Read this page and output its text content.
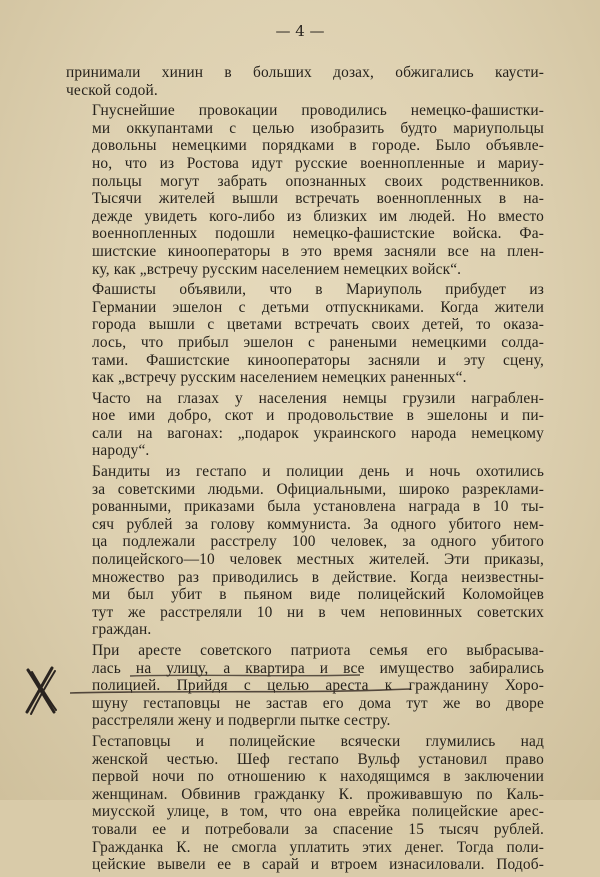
— 4 —

принимали хинин в больших дозах, обжигались каусти-
ческой содой.

Гнуснейшие провокации проводились немецко-фашистки-
ми оккупантами с целью изобразить будто мариупольцы
довольны немецкими порядками в городе. Было объявле-
но, что из Ростова идут русские военнопленные и мариу-
польцы могут забрать опознанных своих родственников.
Тысячи жителей вышли встречать военнопленных в на-
дежде увидеть кого-либо из близких им людей. Но вместо
военнопленных подошли немецко-фашистские войска. Фа-
шистские кинооператоры в это время засняли все на плен-
ку, как „встречу русским населением немецких войск“.

Фашисты объявили, что в Мариуполь прибудет из
Германии эшелон с детьми отпускниками. Когда жители
города вышли с цветами встречать своих детей, то оказа-
лось, что прибыл эшелон с ранеными немецкими солда-
тами. Фашистские кинооператоры засняли и эту сцену,
как „встречу русским населением немецких раненных“.

Часто на глазах у населения немцы грузили награблен-
ное ими добро, скот и продовольствие в эшелоны и пи-
сали на вагонах: „подарок украинского народа немецкому
народу“.

Бандиты из гестапо и полиции день и ночь охотились
за советскими людьми. Официальными, широко разреклами-
рованными, приказами была установлена награда в 10 ты-
сяч рублей за голову коммуниста. За одного убитого нем-
ца подлежали расстрелу 100 человек, за одного убитого
полицейского—10 человек местных жителей. Эти приказы,
множество раз приводились в действие. Когда неизвестны-
ми был убит в пьяном виде полицейский Коломойцев
тут же расстреляли 10 ни в чем неповинных советских
граждан.

При аресте советского патриота семья его выбрасыва-
лась на улицу, а квартира и все имущество забирались
полицией. Прийдя с целью ареста к гражданину Хоро-
шуну гестаповцы не застав его дома тут же во дворе
расстреляли жену и подвергли пытке сестру.

Гестаповцы и полицейские всячески глумились над
женской честью. Шеф гестапо Вульф установил право
первой ночи по отношению к находящимся в заключении
женщинам. Обвинив гражданку К. проживавшую по Каль-
миусской улице, в том, что она еврейка полицейские арес-
товали ее и потребовали за спасение 15 тысяч рублей.
Гражданка К. не смогла уплатить этих денег. Тогда поли-
цейские вывели ее в сарай и втроем изнасиловали. Подоб-
